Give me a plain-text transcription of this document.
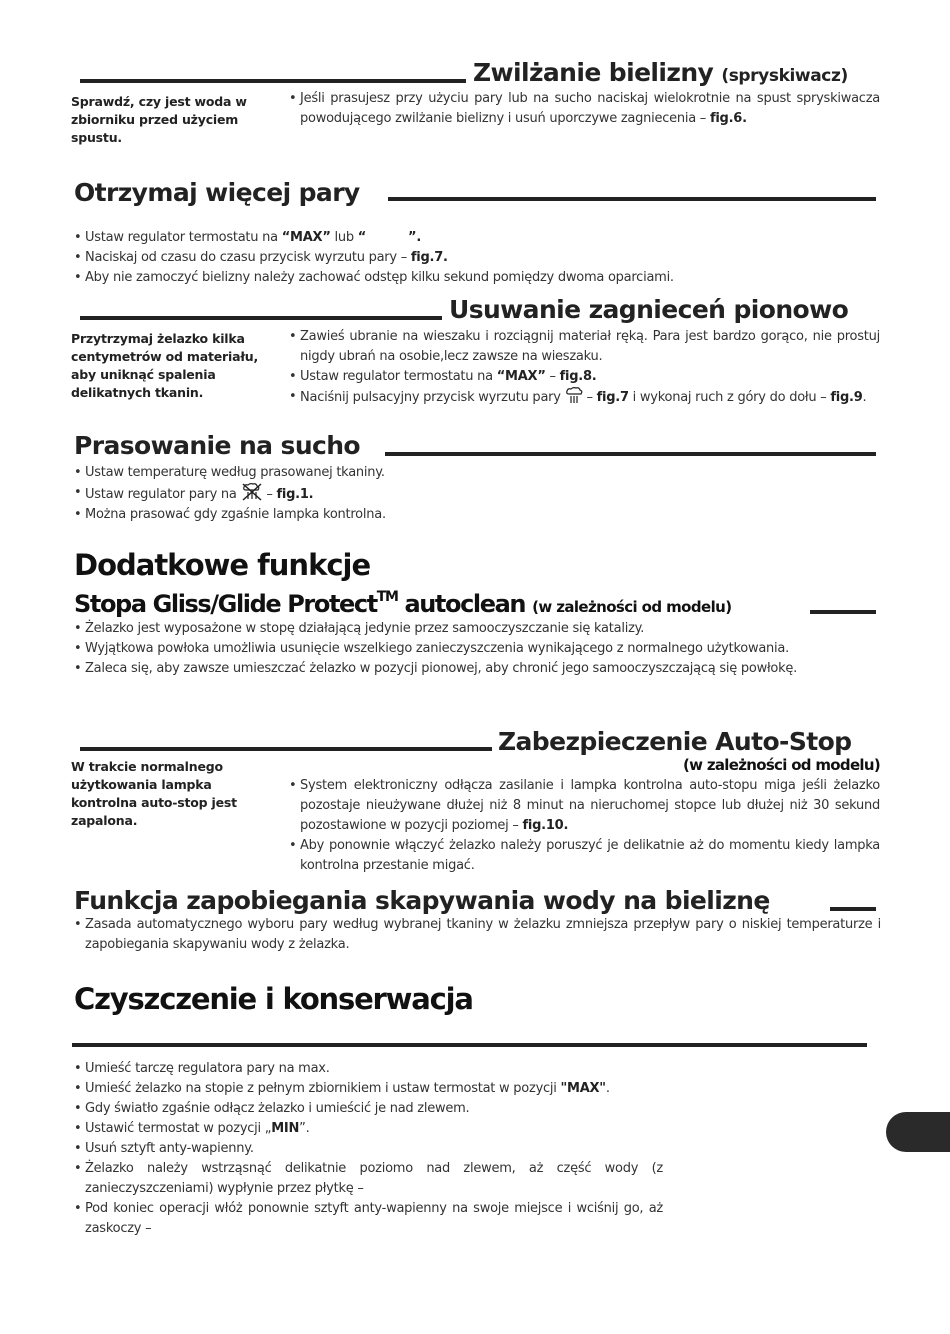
Zwilżanie bielizny (spryskiwacz)
Sprawdź, czy jest woda w zbiorniku przed użyciem spustu.
• Jeśli prasujesz przy użyciu pary lub na sucho naciskaj wielokrotnie na spust spryskiwacza powodującego zwilżanie bielizny i usuń uporczywe zagniecenia – fig.6.
Otrzymaj więcej pary
• Ustaw regulator termostatu na “MAX” lub “	”.
• Naciskaj od czasu do czasu przycisk wyrzutu pary – fig.7.
• Aby nie zamoczyć bielizny należy zachować odstęp kilku sekund pomiędzy dwoma oparciami.
Usuwanie zagnieceń pionowo
Przytrzymaj żelazko kilka centymetrów od materiału, aby uniknąć spalenia delikatnych tkanin.
• Zawieś ubranie na wieszaku i rozciągnij materiał ręką. Para jest bardzo gorąco, nie prostuj nigdy ubrań na osobie,lecz zawsze na wieszaku.
• Ustaw regulator termostatu na “MAX” – fig.8.
• Naciśnij pulsacyjny przycisk wyrzutu pary  – fig.7 i wykonaj ruch z góry do dołu – fig.9.
Prasowanie na sucho
• Ustaw temperaturę według prasowanej tkaniny.
• Ustaw regulator pary na  – fig.1.
• Można prasować gdy zgaśnie lampka kontrolna.
Dodatkowe funkcje
Stopa Gliss/Glide Protect™ autoclean (w zależności od modelu)
• Żelazko jest wyposażone w stopę działającą jedynie przez samooczyszczanie się katalizy.
• Wyjątkowa powłoka umożliwia usunięcie wszelkiego zanieczyszczenia wynikającego z normalnego użytkowania.
• Zaleca się, aby zawsze umieszczać żelazko w pozycji pionowej, aby chronić jego samooczyszczającą się powłokę.
Zabezpieczenie Auto-Stop
(w zależności od modelu)
W trakcie normalnego użytkowania lampka kontrolna auto-stop jest zapalona.
• System elektroniczny odłącza zasilanie i lampka kontrolna auto-stopu miga jeśli żelazko pozostaje nieużywane dłużej niż 8 minut na nieruchomej stopce lub dłużej niż 30 sekund pozostawione w pozycji poziomej – fig.10.
• Aby ponownie włączyć żelazko należy poruszyć je delikatnie aż do momentu kiedy lampka kontrolna przestanie migać.
Funkcja zapobiegania skapywania wody na bieliznę
• Zasada automatycznego wyboru pary według wybranej tkaniny w żelazku zmniejsza przepływ pary o niskiej temperaturze i zapobiegania skapywaniu wody z żelazka.
Czyszczenie i konserwacja
• Umieść tarczę regulatora pary na max.
• Umieść żelazko na stopie z pełnym zbiornikiem i ustaw termostat w pozycji "MAX".
• Gdy światło zgaśnie odłącz żelazko i umieścić je nad zlewem.
• Ustawić termostat w pozycji „MIN”.
• Usuń sztyft anty-wapienny.
• Żelazko należy wstrząsnąć delikatnie poziomo nad zlewem, aż część wody (z zanieczyszczeniami) wypłynie przez płytkę –
• Pod koniec operacji włóż ponownie sztyft anty-wapienny na swoje miejsce i wciśnij go, aż zaskoczy –
